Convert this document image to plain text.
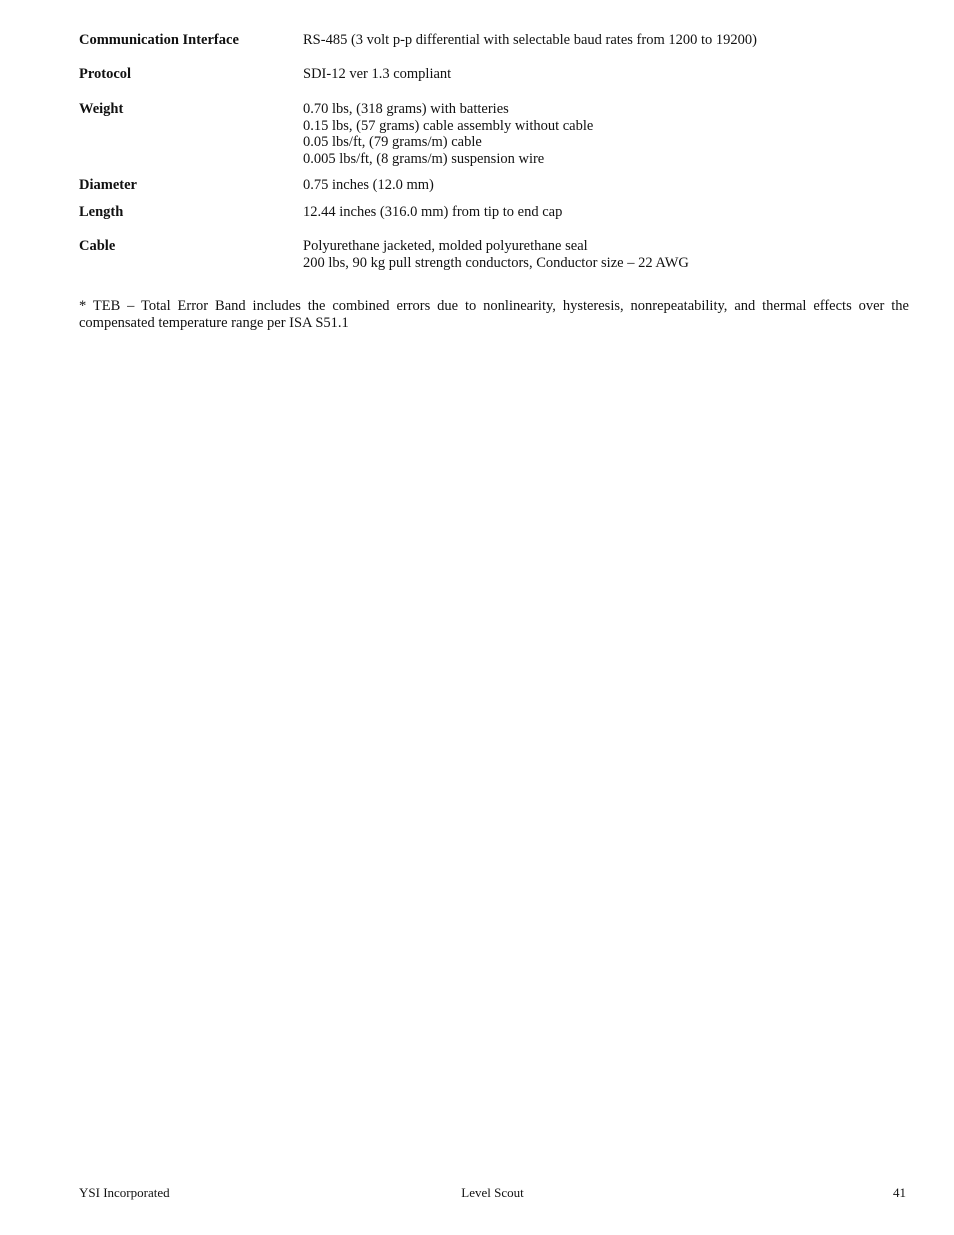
Communication Interface	RS-485 (3 volt p-p differential with selectable baud rates from 1200 to 19200)
Protocol	SDI-12 ver 1.3 compliant
Weight	0.70 lbs, (318 grams) with batteries
0.15 lbs, (57 grams) cable assembly without cable
0.05 lbs/ft, (79 grams/m) cable
0.005 lbs/ft, (8 grams/m) suspension wire
Diameter	0.75 inches (12.0 mm)
Length	12.44 inches (316.0 mm) from tip to end cap
Cable	Polyurethane jacketed, molded polyurethane seal
200 lbs, 90 kg pull strength conductors, Conductor size – 22 AWG
* TEB – Total Error Band includes the combined errors due to nonlinearity, hysteresis, nonrepeatability, and thermal effects over the compensated temperature range per ISA S51.1
YSI Incorporated	Level Scout	41
